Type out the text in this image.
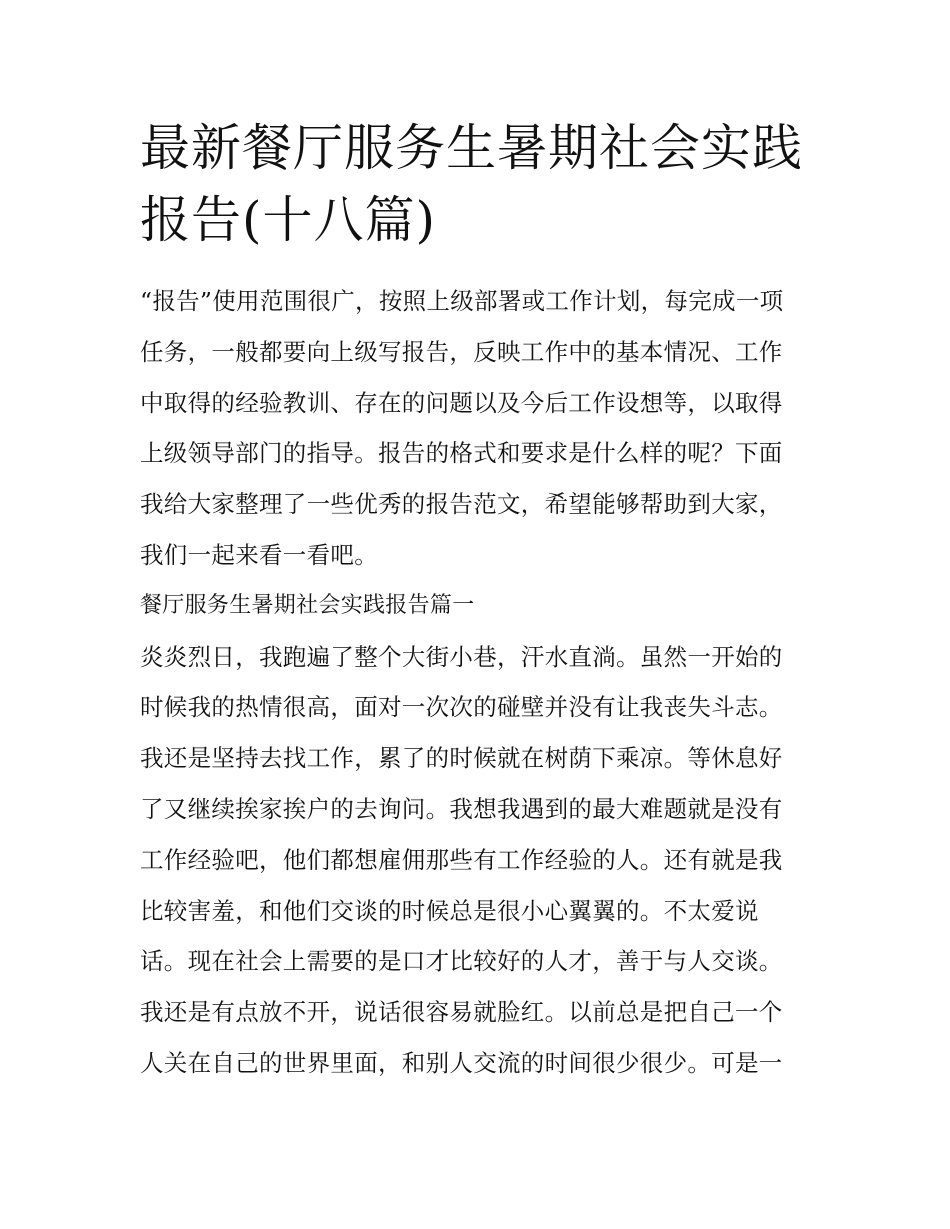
最新餐厅服务生暑期社会实践
报告(十八篇)
“报告”使用范围很广，按照上级部署或工作计划，每完成一项
任务，一般都要向上级写报告，反映工作中的基本情况、工作
中取得的经验教训、存在的问题以及今后工作设想等，以取得
上级领导部门的指导。报告的格式和要求是什么样的呢？下面
我给大家整理了一些优秀的报告范文，希望能够帮助到大家，
我们一起来看一看吧。
餐厅服务生暑期社会实践报告篇一
炎炎烈日，我跑遍了整个大街小巷，汗水直淌。虽然一开始的
时候我的热情很高，面对一次次的碰壁并没有让我丧失斗志。
我还是坚持去找工作，累了的时候就在树荫下乘凉。等休息好
了又继续挨家挨户的去询问。我想我遇到的最大难题就是没有
工作经验吧，他们都想雇佣那些有工作经验的人。还有就是我
比较害羞，和他们交谈的时候总是很小心翼翼的。不太爱说
话。现在社会上需要的是口才比较好的人才，善于与人交谈。
我还是有点放不开，说话很容易就脸红。以前总是把自己一个
人关在自己的世界里面，和别人交流的时间很少很少。可是一
